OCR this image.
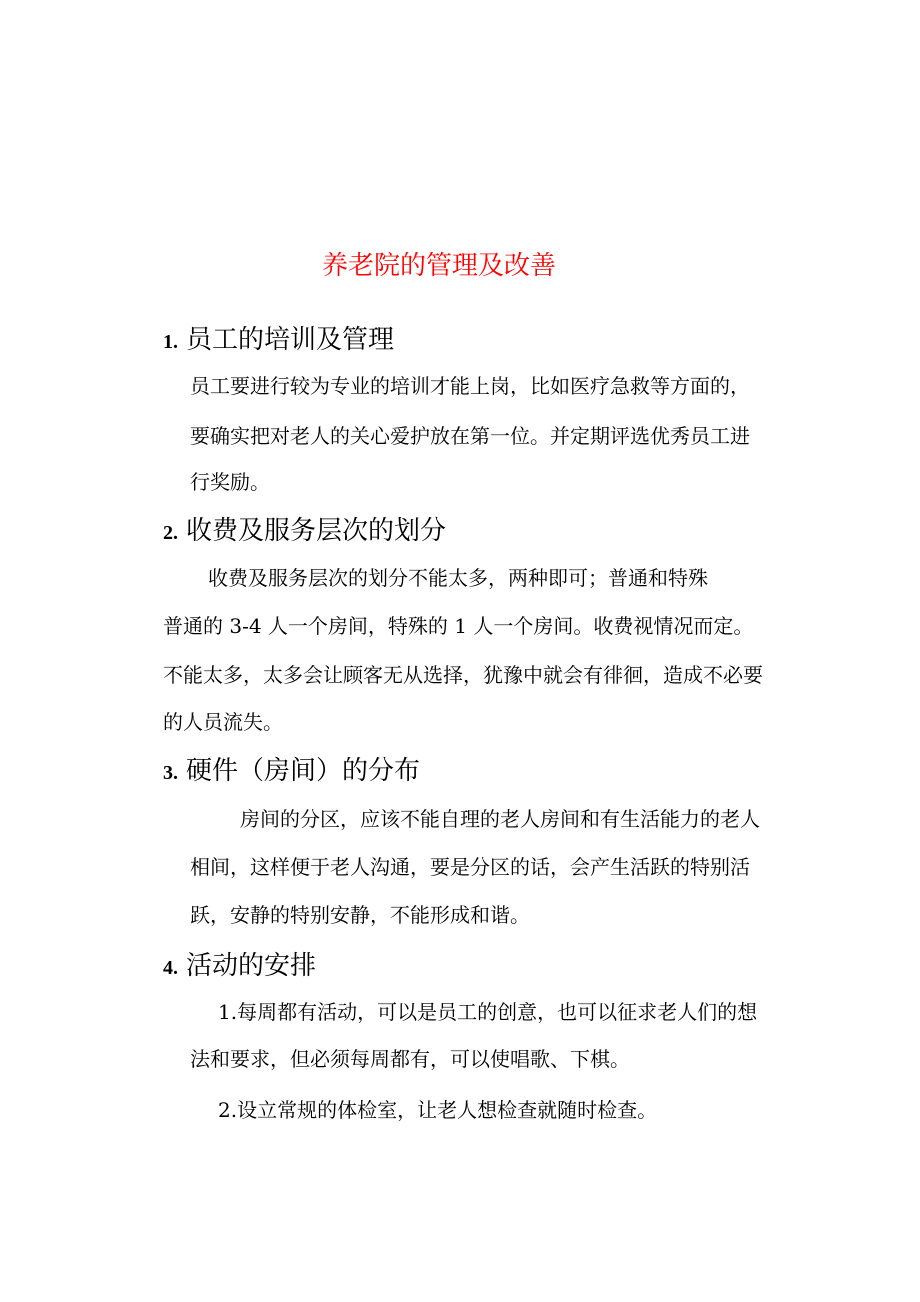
养老院的管理及改善
1. 员工的培训及管理
员工要进行较为专业的培训才能上岗，比如医疗急救等方面的，
要确实把对老人的关心爱护放在第一位。并定期评选优秀员工进
行奖励。
2. 收费及服务层次的划分
收费及服务层次的划分不能太多，两种即可；普通和特殊
普通的 3-4 人一个房间，特殊的 1 人一个房间。收费视情况而定。
不能太多，太多会让顾客无从选择，犹豫中就会有徘徊，造成不必要
的人员流失。
3. 硬件（房间）的分布
房间的分区，应该不能自理的老人房间和有生活能力的老人
相间，这样便于老人沟通，要是分区的话，会产生活跃的特别活
跃，安静的特别安静，不能形成和谐。
4. 活动的安排
1.每周都有活动，可以是员工的创意，也可以征求老人们的想
法和要求，但必须每周都有，可以使唱歌、下棋。
2.设立常规的体检室，让老人想检查就随时检查。
